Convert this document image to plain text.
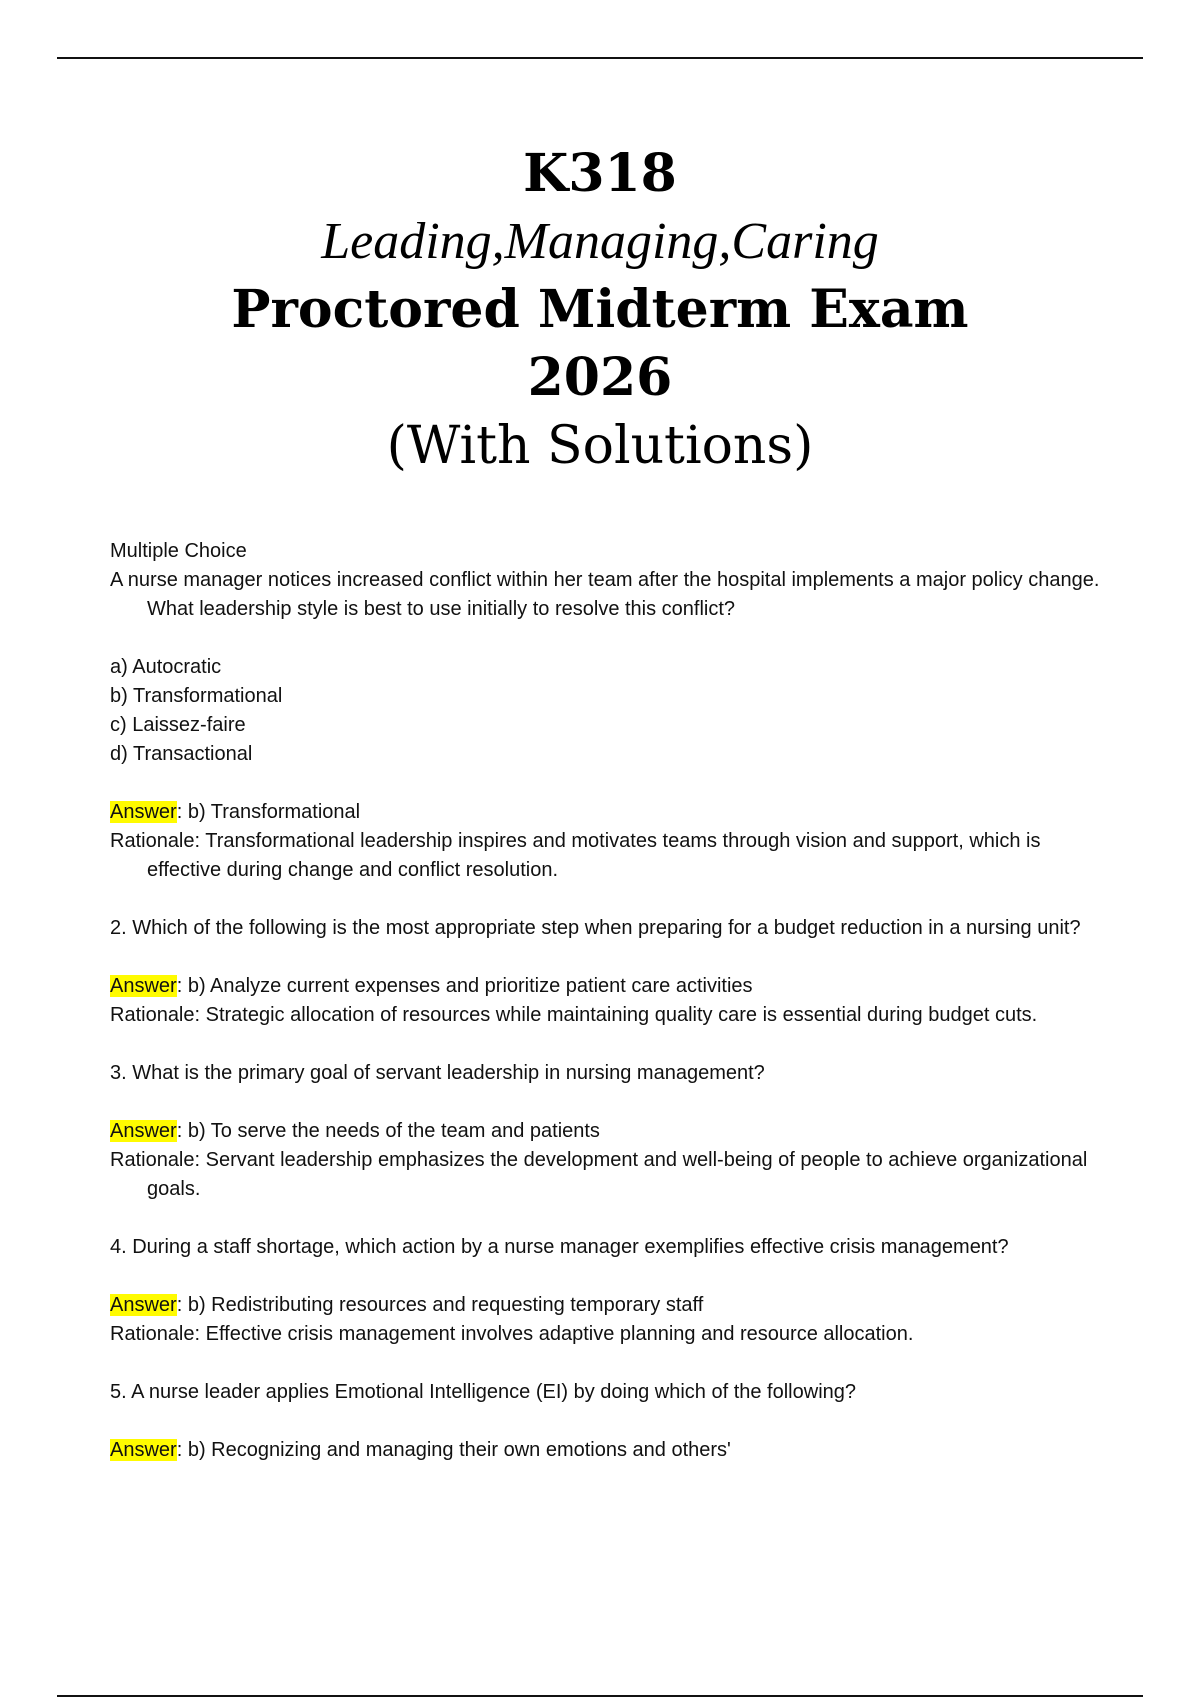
K318
Leading,Managing,Caring
Proctored Midterm Exam
2026
(With Solutions)

Multiple Choice

A nurse manager notices increased conflict within her team after the hospital implements a major policy change. What leadership style is best to use initially to resolve this conflict?

a) Autocratic

b) Transformational

c) Laissez-faire

d) Transactional

Answer: b) Transformational

Rationale: Transformational leadership inspires and motivates teams through vision and support, which is effective during change and conflict resolution.

2. Which of the following is the most appropriate step when preparing for a budget reduction in a nursing unit?

Answer: b) Analyze current expenses and prioritize patient care activities

Rationale: Strategic allocation of resources while maintaining quality care is essential during budget cuts.

3. What is the primary goal of servant leadership in nursing management?

Answer: b) To serve the needs of the team and patients

Rationale: Servant leadership emphasizes the development and well-being of people to achieve organizational goals.

4. During a staff shortage, which action by a nurse manager exemplifies effective crisis management?

Answer: b) Redistributing resources and requesting temporary staff

Rationale: Effective crisis management involves adaptive planning and resource allocation.

5. A nurse leader applies Emotional Intelligence (EI) by doing which of the following?

Answer: b) Recognizing and managing their own emotions and others'
